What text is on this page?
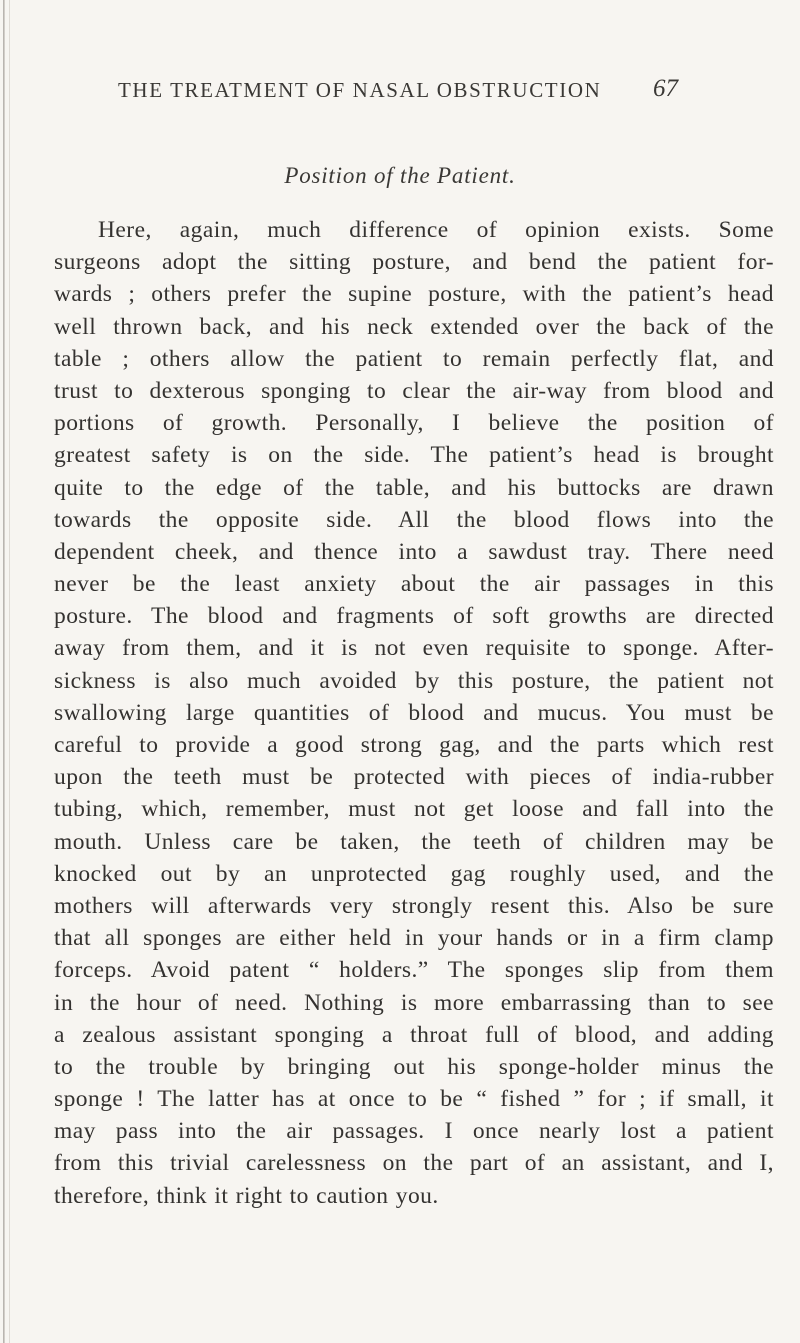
THE TREATMENT OF NASAL OBSTRUCTION 67
Position of the Patient.
Here, again, much difference of opinion exists. Some
surgeons adopt the sitting posture, and bend the patient for-
wards ; others prefer the supine posture, with the patient’s head
well thrown back, and his neck extended over the back of the
table ; others allow the patient to remain perfectly flat, and
trust to dexterous sponging to clear the air-way from blood and
portions of growth. Personally, I believe the position of
greatest safety is on the side. The patient’s head is brought
quite to the edge of the table, and his buttocks are drawn
towards the opposite side. All the blood flows into the
dependent cheek, and thence into a sawdust tray. There need
never be the least anxiety about the air passages in this
posture. The blood and fragments of soft growths are directed
away from them, and it is not even requisite to sponge. After-
sickness is also much avoided by this posture, the patient not
swallowing large quantities of blood and mucus. You must be
careful to provide a good strong gag, and the parts which rest
upon the teeth must be protected with pieces of india-rubber
tubing, which, remember, must not get loose and fall into the
mouth. Unless care be taken, the teeth of children may be
knocked out by an unprotected gag roughly used, and the
mothers will afterwards very strongly resent this. Also be sure
that all sponges are either held in your hands or in a firm clamp
forceps. Avoid patent “ holders.” The sponges slip from them
in the hour of need. Nothing is more embarrassing than to see
a zealous assistant sponging a throat full of blood, and adding
to the trouble by bringing out his sponge-holder minus the
sponge ! The latter has at once to be “ fished ” for ; if small, it
may pass into the air passages. I once nearly lost a patient
from this trivial carelessness on the part of an assistant, and I,
therefore, think it right to caution you.
